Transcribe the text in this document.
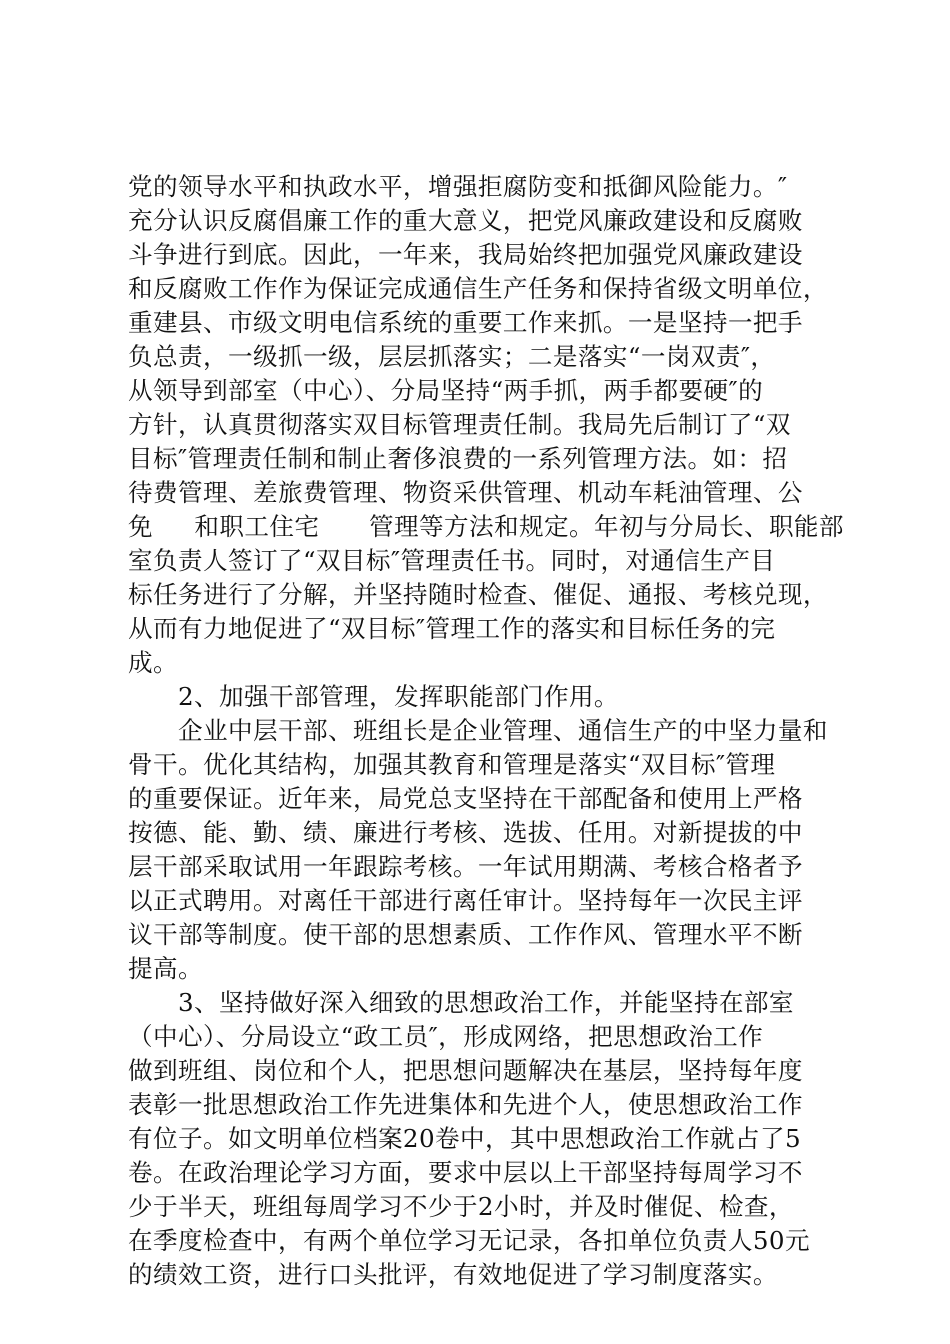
党的领导水平和执政水平，增强拒腐防变和抵御风险能力。″
充分认识反腐倡廉工作的重大意义，把党风廉政建设和反腐败
斗争进行到底。因此，一年来，我局始终把加强党风廉政建设
和反腐败工作作为保证完成通信生产任务和保持省级文明单位，
重建县、市级文明电信系统的重要工作来抓。一是坚持一把手
负总责，一级抓一级，层层抓落实；二是落实“一岗双责″，
从领导到部室（中心）、分局坚持“两手抓，两手都要硬″的
方针，认真贯彻落实双目标管理责任制。我局先后制订了“双
目标″管理责任制和制止奢侈浪费的一系列管理方法。如：招
待费管理、差旅费管理、物资采供管理、机动车耗油管理、公
免　  和职工住宅　   管理等方法和规定。年初与分局长、职能部
室负责人签订了“双目标″管理责任书。同时，对通信生产目
标任务进行了分解，并坚持随时检查、催促、通报、考核兑现，
从而有力地促进了“双目标″管理工作的落实和目标任务的完
成。
　　2、加强干部管理，发挥职能部门作用。
　　企业中层干部、班组长是企业管理、通信生产的中坚力量和
骨干。优化其结构，加强其教育和管理是落实“双目标″管理
的重要保证。近年来，局党总支坚持在干部配备和使用上严格
按德、能、勤、绩、廉进行考核、选拔、任用。对新提拔的中
层干部采取试用一年跟踪考核。一年试用期满、考核合格者予
以正式聘用。对离任干部进行离任审计。坚持每年一次民主评
议干部等制度。使干部的思想素质、工作作风、管理水平不断
提高。
　　3、坚持做好深入细致的思想政治工作，并能坚持在部室
（中心）、分局设立“政工员″，形成网络，把思想政治工作
做到班组、岗位和个人，把思想问题解决在基层，坚持每年度
表彰一批思想政治工作先进集体和先进个人，使思想政治工作
有位子。如文明单位档案20卷中，其中思想政治工作就占了5
卷。在政治理论学习方面，要求中层以上干部坚持每周学习不
少于半天，班组每周学习不少于2小时，并及时催促、检查，
在季度检查中，有两个单位学习无记录，各扣单位负责人50元
的绩效工资，进行口头批评，有效地促进了学习制度落实。
